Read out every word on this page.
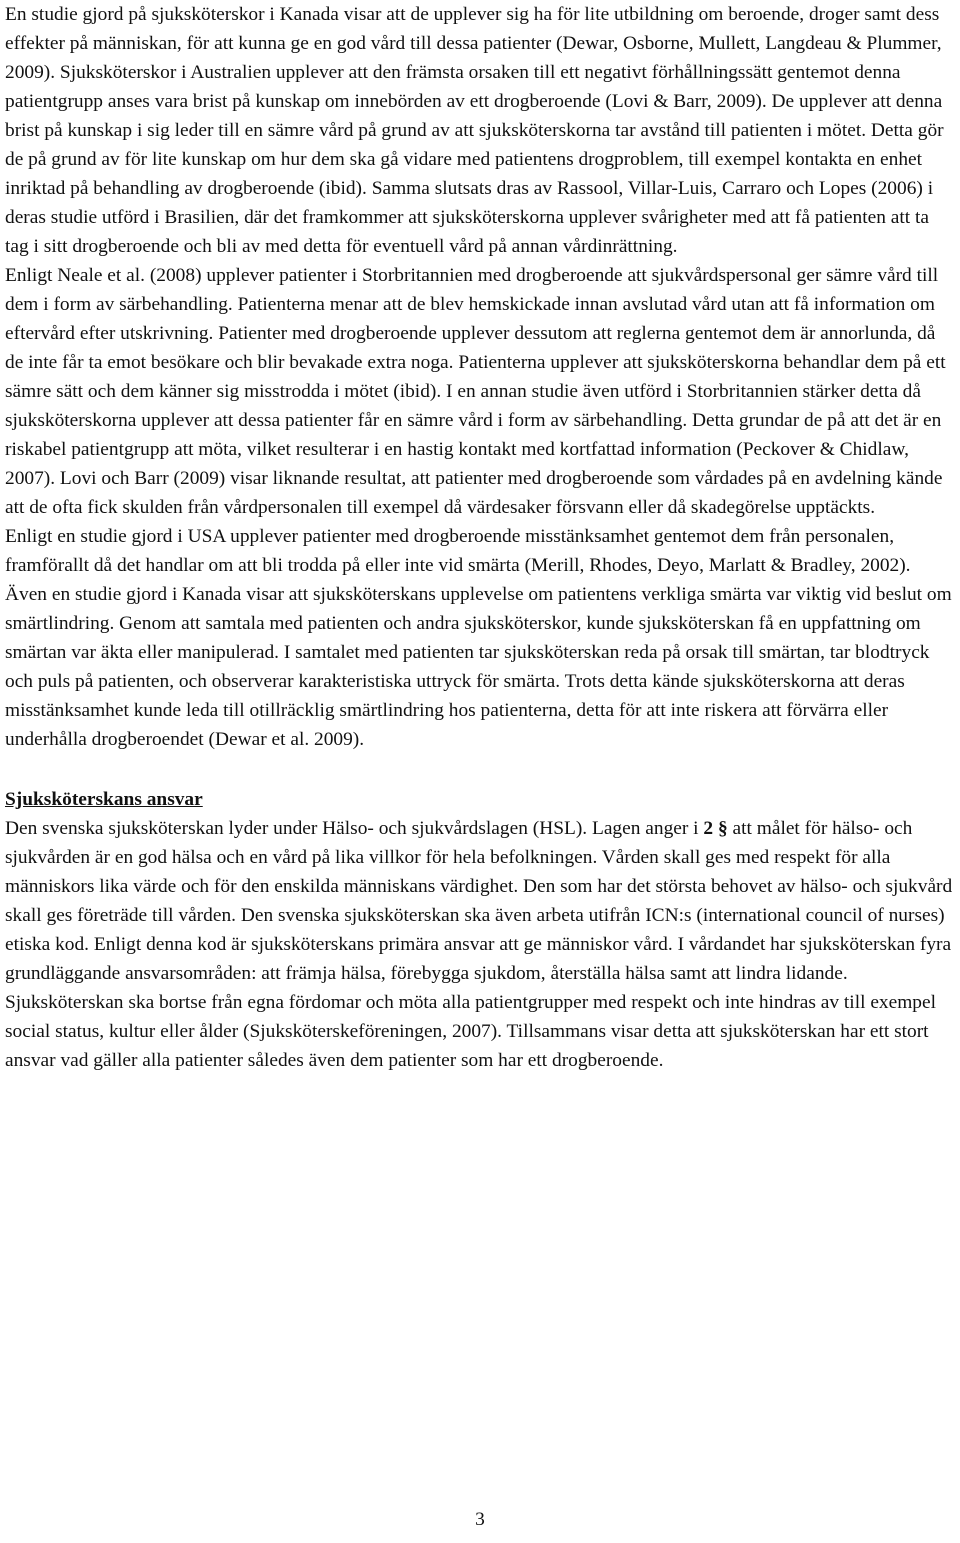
En studie gjord på sjuksköterskor i Kanada visar att de upplever sig ha för lite utbildning om beroende, droger samt dess effekter på människan, för att kunna ge en god vård till dessa patienter (Dewar, Osborne, Mullett, Langdeau & Plummer, 2009). Sjuksköterskor i Australien upplever att den främsta orsaken till ett negativt förhållningssätt gentemot denna patientgrupp anses vara brist på kunskap om innebörden av ett drogberoende (Lovi & Barr, 2009). De upplever att denna brist på kunskap i sig leder till en sämre vård på grund av att sjuksköterskorna tar avstånd till patienten i mötet. Detta gör de på grund av för lite kunskap om hur dem ska gå vidare med patientens drogproblem, till exempel kontakta en enhet inriktad på behandling av drogberoende (ibid). Samma slutsats dras av Rassool, Villar-Luis, Carraro och Lopes (2006) i deras studie utförd i Brasilien, där det framkommer att sjuksköterskorna upplever svårigheter med att få patienten att ta tag i sitt drogberoende och bli av med detta för eventuell vård på annan vårdinrättning.

Enligt Neale et al. (2008) upplever patienter i Storbritannien med drogberoende att sjukvårdspersonal ger sämre vård till dem i form av särbehandling. Patienterna menar att de blev hemskickade innan avslutad vård utan att få information om eftervård efter utskrivning. Patienter med drogberoende upplever dessutom att reglerna gentemot dem är annorlunda, då de inte får ta emot besökare och blir bevakade extra noga. Patienterna upplever att sjuksköterskorna behandlar dem på ett sämre sätt och dem känner sig misstrodda i mötet (ibid). I en annan studie även utförd i Storbritannien stärker detta då sjuksköterskorna upplever att dessa patienter får en sämre vård i form av särbehandling. Detta grundar de på att det är en riskabel patientgrupp att möta, vilket resulterar i en hastig kontakt med kortfattad information (Peckover & Chidlaw, 2007). Lovi och Barr (2009) visar liknande resultat, att patienter med drogberoende som vårdades på en avdelning kände att de ofta fick skulden från vårdpersonalen till exempel då värdesaker försvann eller då skadegörelse upptäckts.

Enligt en studie gjord i USA upplever patienter med drogberoende misstänksamhet gentemot dem från personalen, framförallt då det handlar om att bli trodda på eller inte vid smärta (Merill, Rhodes, Deyo, Marlatt & Bradley, 2002). Även en studie gjord i Kanada visar att sjuksköterskans upplevelse om patientens verkliga smärta var viktig vid beslut om smärtlindring. Genom att samtala med patienten och andra sjuksköterskor, kunde sjuksköterskan få en uppfattning om smärtan var äkta eller manipulerad. I samtalet med patienten tar sjuksköterskan reda på orsak till smärtan, tar blodtryck och puls på patienten, och observerar karakteristiska uttryck för smärta. Trots detta kände sjuksköterskorna att deras misstänksamhet kunde leda till otillräcklig smärtlindring hos patienterna, detta för att inte riskera att förvärra eller underhålla drogberoendet (Dewar et al. 2009).

Sjuksköterskans ansvar

Den svenska sjuksköterskan lyder under Hälso- och sjukvårdslagen (HSL). Lagen anger i 2 § att målet för hälso- och sjukvården är en god hälsa och en vård på lika villkor för hela befolkningen. Vården skall ges med respekt för alla människors lika värde och för den enskilda människans värdighet. Den som har det största behovet av hälso- och sjukvård skall ges företräde till vården. Den svenska sjuksköterskan ska även arbeta utifrån ICN:s (international council of nurses) etiska kod. Enligt denna kod är sjuksköterskans primära ansvar att ge människor vård. I vårdandet har sjuksköterskan fyra grundläggande ansvarsområden: att främja hälsa, förebygga sjukdom, återställa hälsa samt att lindra lidande. Sjuksköterskan ska bortse från egna fördomar och möta alla patientgrupper med respekt och inte hindras av till exempel social status, kultur eller ålder (Sjuksköterskeföreningen, 2007). Tillsammans visar detta att sjuksköterskan har ett stort ansvar vad gäller alla patienter således även dem patienter som har ett drogberoende.

3
